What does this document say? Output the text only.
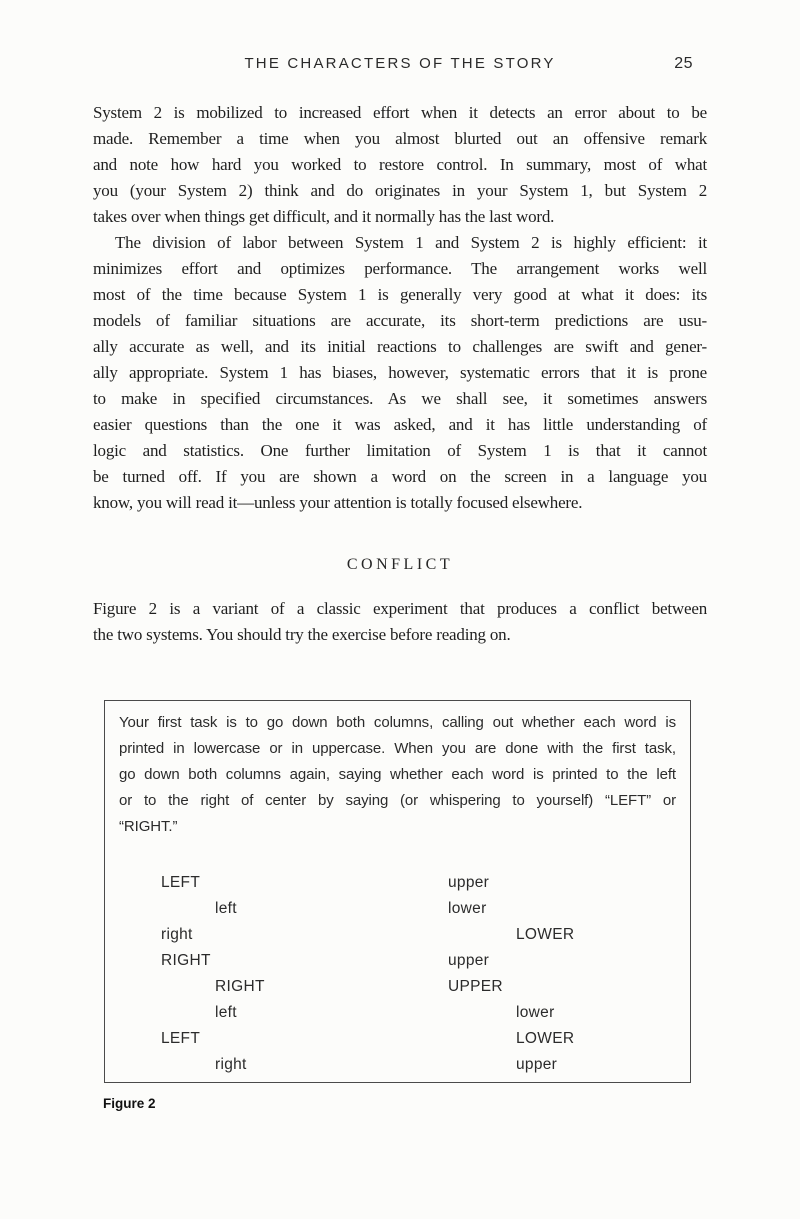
THE CHARACTERS OF THE STORY	25
System 2 is mobilized to increased effort when it detects an error about to be
made. Remember a time when you almost blurted out an offensive remark
and note how hard you worked to restore control. In summary, most of what
you (your System 2) think and do originates in your System 1, but System 2
takes over when things get difficult, and it normally has the last word.
The division of labor between System 1 and System 2 is highly efficient: it
minimizes effort and optimizes performance. The arrangement works well
most of the time because System 1 is generally very good at what it does: its
models of familiar situations are accurate, its short-term predictions are usu-
ally accurate as well, and its initial reactions to challenges are swift and gener-
ally appropriate. System 1 has biases, however, systematic errors that it is prone
to make in specified circumstances. As we shall see, it sometimes answers
easier questions than the one it was asked, and it has little understanding of
logic and statistics. One further limitation of System 1 is that it cannot
be turned off. If you are shown a word on the screen in a language you
know, you will read it—unless your attention is totally focused elsewhere.
CONFLICT
Figure 2 is a variant of a classic experiment that produces a conflict between
the two systems. You should try the exercise before reading on.
Your first task is to go down both columns, calling out whether each word is
printed in lowercase or in uppercase. When you are done with the first task,
go down both columns again, saying whether each word is printed to the left
or to the right of center by saying (or whispering to yourself) “LEFT” or
“RIGHT.”
LEFT	upper
left	lower
right	LOWER
RIGHT	upper
RIGHT	UPPER
left	lower
LEFT	LOWER
right	upper
Figure 2
